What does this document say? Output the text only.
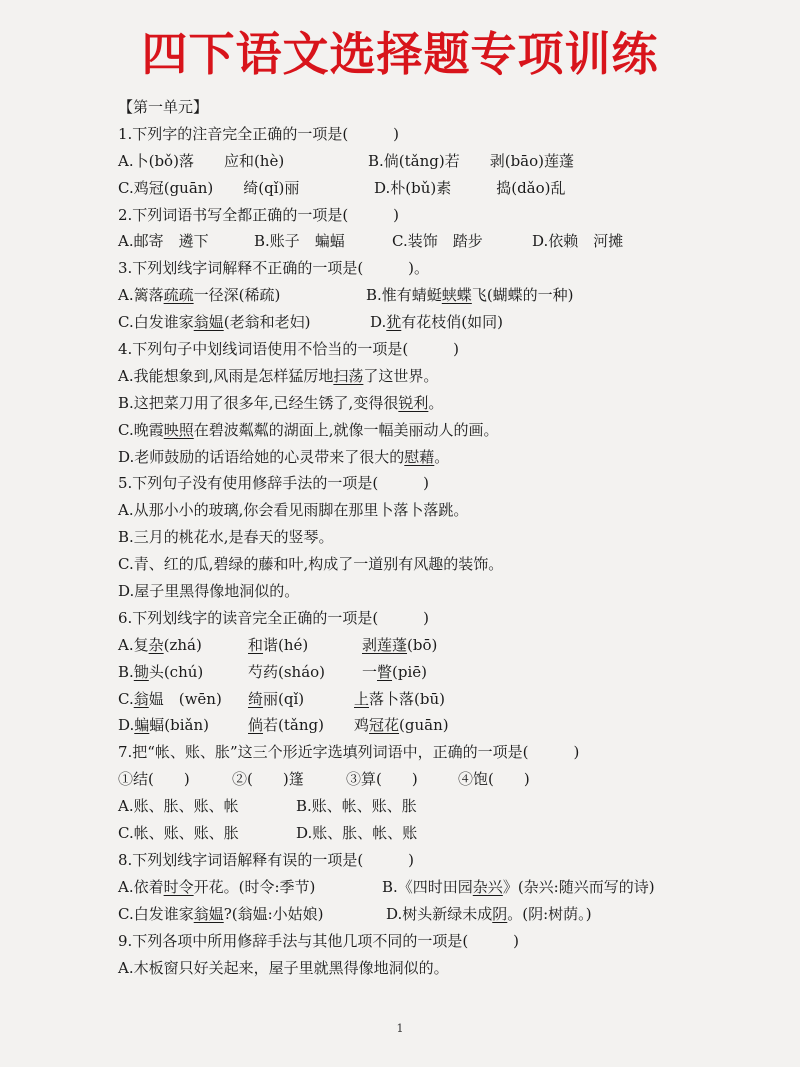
四下语文选择题专项训练
【第一单元】
1.下列字的注音完全正确的一项是(　　　)
A.卜(bǒ)落　　应和(hè)	B.倘(tǎng)若　　剥(bāo)莲蓬
C.鸡冠(guān)　　绮(qǐ)丽	D.朴(bǔ)素　　　捣(dǎo)乱
2.下列词语书写全都正确的一项是(　　　)
A.邮寄　遴下	B.账子　蝙蝠	C.装饰　踏步	D.依赖　河摊
3.下列划线字词解释不正确的一项是(　　　)。
A.篱落疏疏一径深(稀疏)	B.惟有蜻蜓蛱蝶飞(蝴蝶的一种)
C.白发谁家翁媪(老翁和老妇)	D.犹有花枝俏(如同)
4.下列句子中划线词语使用不恰当的一项是(　　　)
A.我能想象到,风雨是怎样猛厉地扫荡了这世界。
B.这把菜刀用了很多年,已经生锈了,变得很锐利。
C.晚霞映照在碧波粼粼的湖面上,就像一幅美丽动人的画。
D.老师鼓励的话语给她的心灵带来了很大的慰藉。
5.下列句子没有使用修辞手法的一项是(　　　)
A.从那小小的玻璃,你会看见雨脚在那里卜落卜落跳。
B.三月的桃花水,是春天的竖琴。
C.青、红的瓜,碧绿的藤和叶,构成了一道别有风趣的装饰。
D.屋子里黑得像地洞似的。
6.下列划线字的读音完全正确的一项是(　　　)
A.复杂(zhá)	和谐(hé)	剥莲蓬(bō)
B.锄头(chú)	芍药(sháo) 一瞥(piē)
C.翁媪　(wēn) 绮丽(qǐ)	上落卜落(bū)
D.蝙蝠(biǎn)	倘若(tǎng) 鸡冠花(guān)
7.把“帐、账、胀”这三个形近字选填列词语中，正确的一项是(　　　)
①结(　　)	②(　　)篷	③算(　　)	④饱(　　)
A.账、胀、账、帐	B.账、帐、账、胀
C.帐、账、账、胀	D.账、胀、帐、账
8.下列划线字词语解释有误的一项是(　　　)
A.依着时令开花。(时令:季节)	B.《四时田园杂兴》(杂兴:随兴而写的诗)
C.白发谁家翁媪?(翁媪:小姑娘)	D.树头新绿未成阴。(阴:树荫。)
9.下列各项中所用修辞手法与其他几项不同的一项是(　　　)
A.木板窗只好关起来，屋子里就黑得像地洞似的。
1
